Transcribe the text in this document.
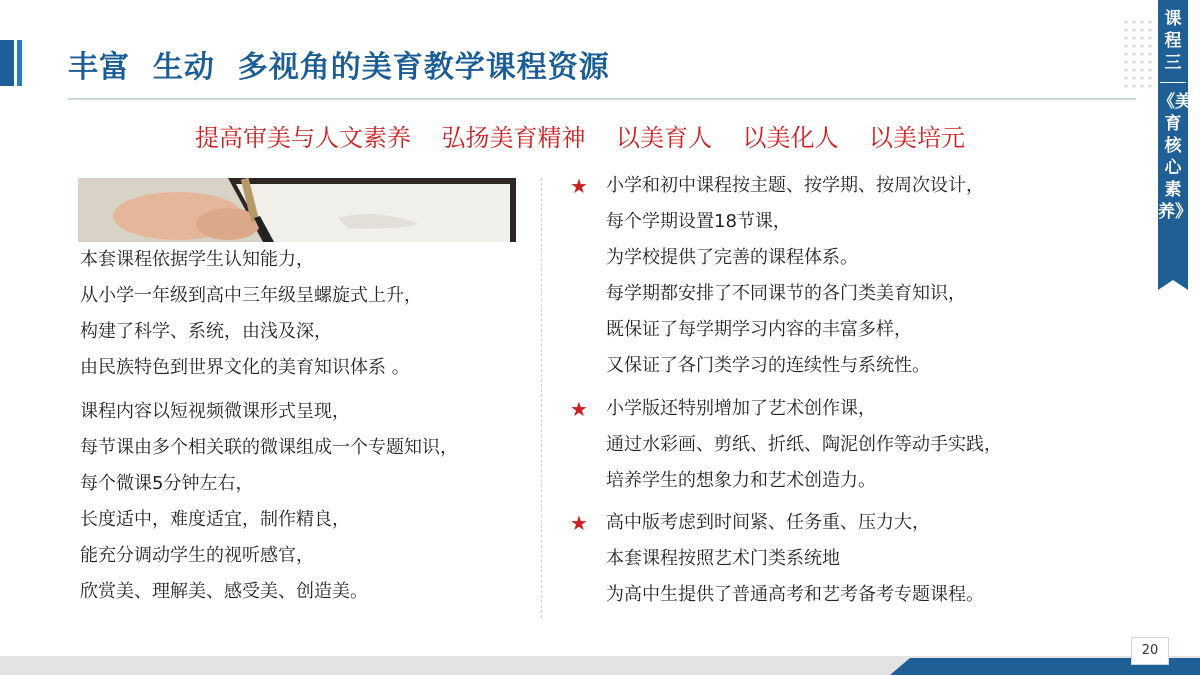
丰富  生动  多视角的美育教学课程资源
课程三
《美育核心素养》
提高审美与人文素养    弘扬美育精神    以美育人    以美化人    以美培元
本套课程依据学生认知能力，
从小学一年级到高中三年级呈螺旋式上升，
构建了科学、系统，由浅及深，
由民族特色到世界文化的美育知识体系 。
课程内容以短视频微课形式呈现，
每节课由多个相关联的微课组成一个专题知识，
每个微课5分钟左右，
长度适中，难度适宜，制作精良，
能充分调动学生的视听感官，
欣赏美、理解美、感受美、创造美。
★ 小学和初中课程按主题、按学期、按周次设计，
每个学期设置18节课，
为学校提供了完善的课程体系。
每学期都安排了不同课节的各门类美育知识，
既保证了每学期学习内容的丰富多样，
又保证了各门类学习的连续性与系统性。
★ 小学版还特别增加了艺术创作课，
通过水彩画、剪纸、折纸、陶泥创作等动手实践，
培养学生的想象力和艺术创造力。
★ 高中版考虑到时间紧、任务重、压力大，
本套课程按照艺术门类系统地
为高中生提供了普通高考和艺考备考专题课程。
20
